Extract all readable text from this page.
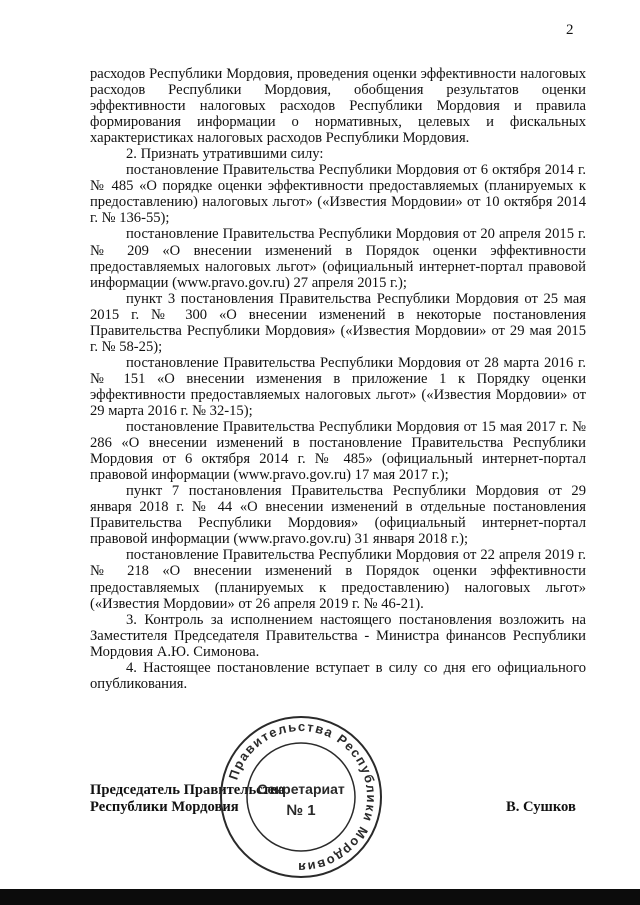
2

расходов Республики Мордовия, проведения оценки эффективности налоговых расходов Республики Мордовия, обобщения результатов оценки эффективности налоговых расходов Республики Мордовия и правила формирования информации о нормативных, целевых и фискальных характеристиках налоговых расходов Республики Мордовия.

2. Признать утратившими силу:

постановление Правительства Республики Мордовия от 6 октября 2014 г. № 485 «О порядке оценки эффективности предоставляемых (планируемых к предоставлению) налоговых льгот» («Известия Мордовии» от 10 октября 2014 г. № 136-55);

постановление Правительства Республики Мордовия от 20 апреля 2015 г. № 209 «О внесении изменений в Порядок оценки эффективности предоставляемых налоговых льгот» (официальный интернет-портал правовой информации (www.pravo.gov.ru) 27 апреля 2015 г.);

пункт 3 постановления Правительства Республики Мордовия от 25 мая 2015 г. № 300 «О внесении изменений в некоторые постановления Правительства Республики Мордовия» («Известия Мордовии» от 29 мая 2015 г. № 58-25);

постановление Правительства Республики Мордовия от 28 марта 2016 г. № 151 «О внесении изменения в приложение 1 к Порядку оценки эффективности предоставляемых налоговых льгот» («Известия Мордовии» от 29 марта 2016 г. № 32-15);

постановление Правительства Республики Мордовия от 15 мая 2017 г. № 286 «О внесении изменений в постановление Правительства Республики Мордовия от 6 октября 2014 г. № 485» (официальный интернет-портал правовой информации (www.pravo.gov.ru) 17 мая 2017 г.);

пункт 7 постановления Правительства Республики Мордовия от 29 января 2018 г. № 44 «О внесении изменений в отдельные постановления Правительства Республики Мордовия» (официальный интернет-портал правовой информации (www.pravo.gov.ru) 31 января 2018 г.);

постановление Правительства Республики Мордовия от 22 апреля 2019 г. № 218 «О внесении изменений в Порядок оценки эффективности предоставляемых (планируемых к предоставлению) налоговых льгот» («Известия Мордовии» от 26 апреля 2019 г. № 46-21).

3. Контроль за исполнением настоящего постановления возложить на Заместителя Председателя Правительства - Министра финансов Республики Мордовия А.Ю. Симонова.

4. Настоящее постановление вступает в силу со дня его официального опубликования.

Председатель Правительства
Республики Мордовия	В. Сушков
Правительства Республики Мордовия
Секретариат
№ 1
